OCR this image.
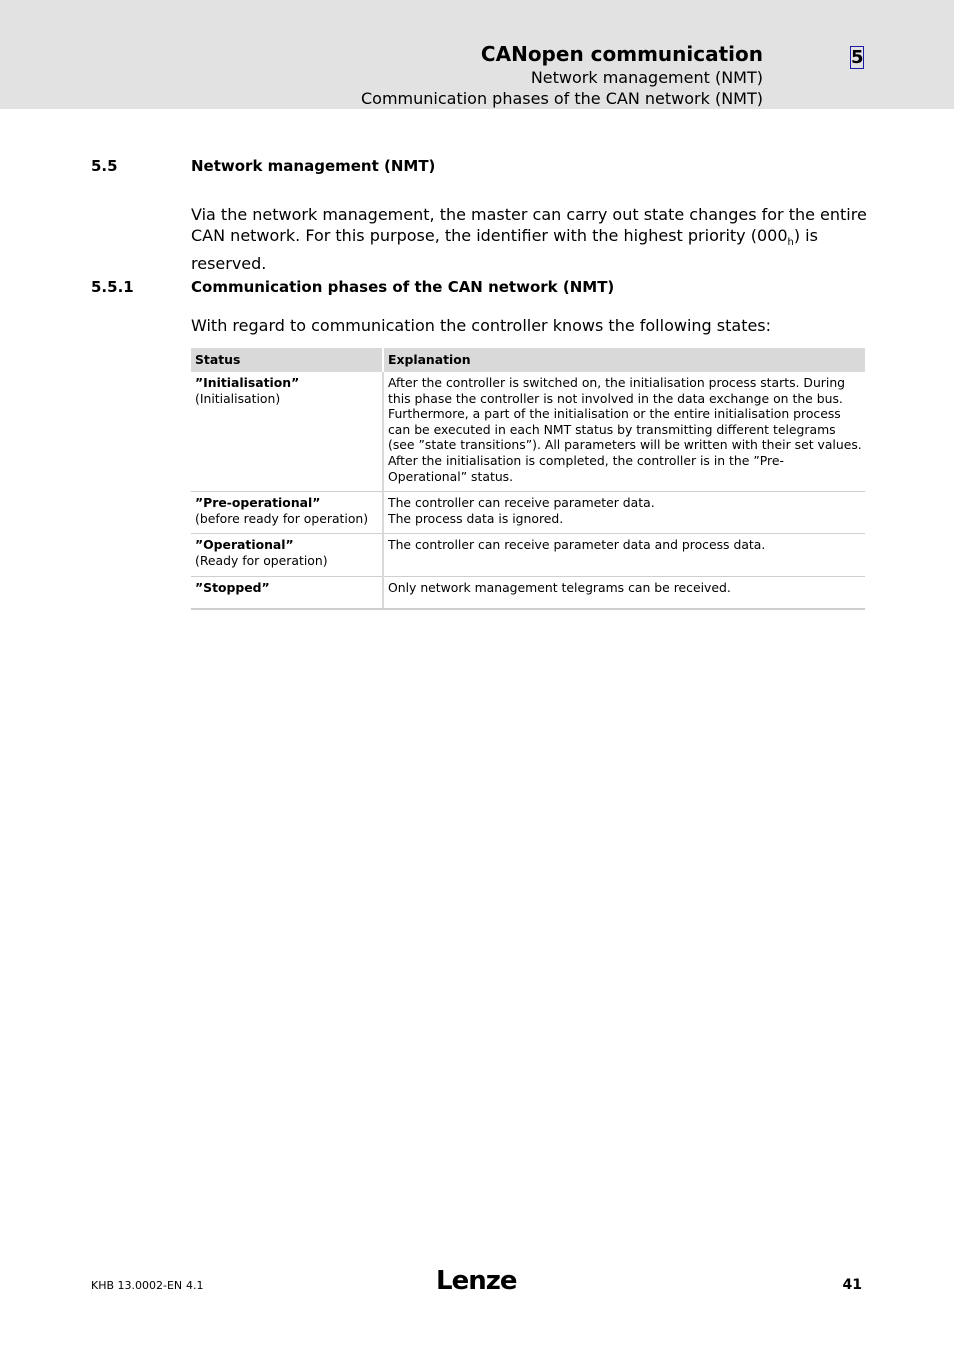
CANopen communication
Network management (NMT)
Communication phases of the CAN network (NMT)
5
5.5	Network management (NMT)
Via the network management, the master can carry out state changes for the entire CAN network. For this purpose, the identifier with the highest priority $(000_h)$ is reserved.
5.5.1	Communication phases of the CAN network (NMT)
With regard to communication the controller knows the following states:
Status	Explanation

”Initialisation”
(Initialisation)	After the controller is switched on, the initialisation process starts. During this phase the controller is not involved in the data exchange on the bus.
Furthermore, a part of the initialisation or the entire initialisation process can be executed in each NMT status by transmitting different telegrams (see ”state transitions”). All parameters will be written with their set values.
After the initialisation is completed, the controller is in the ”Pre-Operational” status.

”Pre-operational”
(before ready for operation)	The controller can receive parameter data.
The process data is ignored.

”Operational”
(Ready for operation)	The controller can receive parameter data and process data.

”Stopped”	Only network management telegrams can be received.
KHB 13.0002-EN 4.1	Lenze	41
